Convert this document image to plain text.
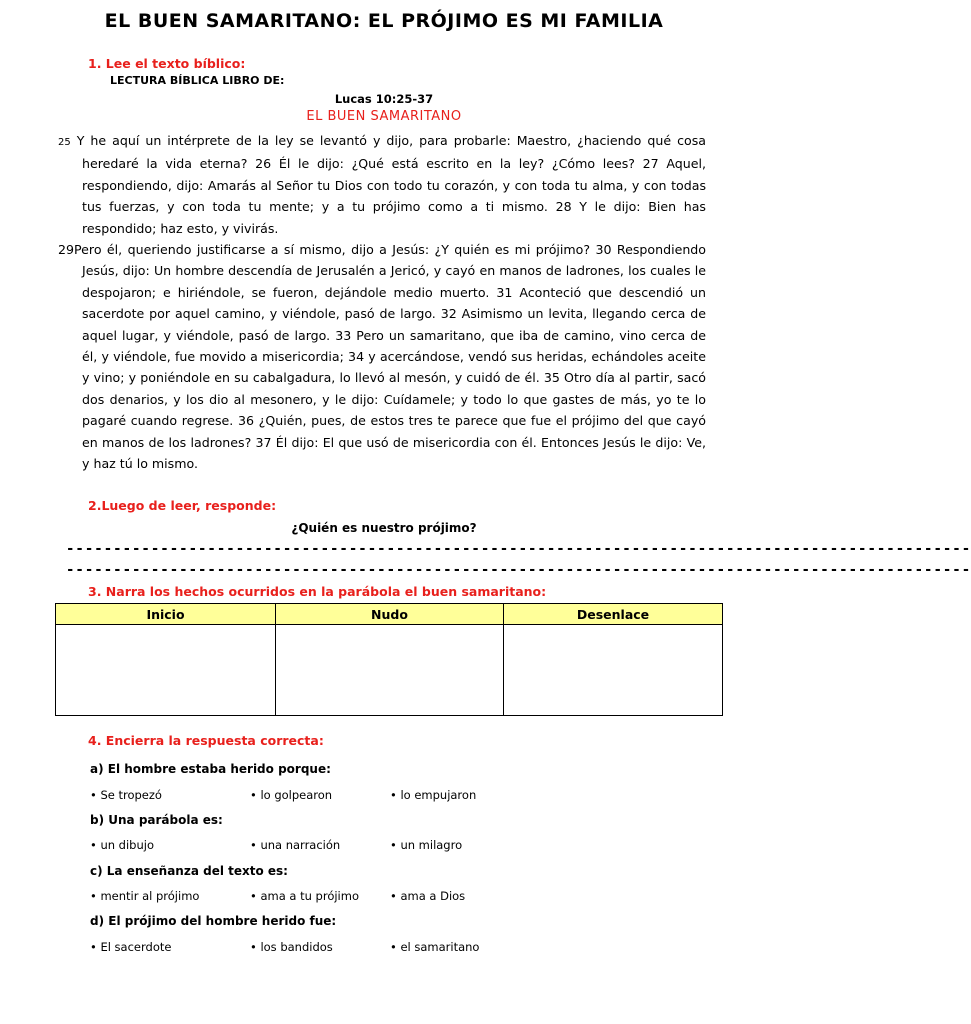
EL BUEN SAMARITANO: EL PRÓJIMO ES MI FAMILIA
1. Lee el texto bíblico:
LECTURA BÍBLICA LIBRO DE:
Lucas 10:25-37
EL BUEN SAMARITANO

25 Y he aquí un intérprete de la ley se levantó y dijo, para probarle: Maestro, ¿haciendo qué cosa heredaré la vida eterna? 26 Él le dijo: ¿Qué está escrito en la ley? ¿Cómo lees? 27 Aquel, respondiendo, dijo: Amarás al Señor tu Dios con todo tu corazón, y con toda tu alma, y con todas tus fuerzas, y con toda tu mente; y a tu prójimo como a ti mismo. 28 Y le dijo: Bien has respondido; haz esto, y vivirás.

29Pero él, queriendo justificarse a sí mismo, dijo a Jesús: ¿Y quién es mi prójimo? 30 Respondiendo Jesús, dijo: Un hombre descendía de Jerusalén a Jericó, y cayó en manos de ladrones, los cuales le despojaron; e hiriéndole, se fueron, dejándole medio muerto. 31 Aconteció que descendió un sacerdote por aquel camino, y viéndole, pasó de largo. 32 Asimismo un levita, llegando cerca de aquel lugar, y viéndole, pasó de largo. 33 Pero un samaritano, que iba de camino, vino cerca de él, y viéndole, fue movido a misericordia; 34 y acercándose, vendó sus heridas, echándoles aceite y vino; y poniéndole en su cabalgadura, lo llevó al mesón, y cuidó de él. 35 Otro día al partir, sacó dos denarios, y los dio al mesonero, y le dijo: Cuídamele; y todo lo que gastes de más, yo te lo pagaré cuando regrese. 36 ¿Quién, pues, de estos tres te parece que fue el prójimo del que cayó en manos de los ladrones? 37 Él dijo: El que usó de misericordia con él. Entonces Jesús le dijo: Ve, y haz tú lo mismo.

2.Luego de leer, responde:
¿Quién es nuestro prójimo?
------------------------------------------------------------------------------------------------
------------------------------------------------------------------------------------------------
3. Narra los hechos ocurridos en la parábola el buen samaritano:
Inicio	Nudo	Desenlace

4. Encierra la respuesta correcta:
a) El hombre estaba herido porque:
• Se tropezó	• lo golpearon	• lo empujaron
b) Una parábola es:
• un dibujo	• una narración	• un milagro
c) La enseñanza del texto es:
• mentir al prójimo	• ama a tu prójimo	• ama a Dios
d) El prójimo del hombre herido fue:
• El sacerdote	• los bandidos	• el samaritano
